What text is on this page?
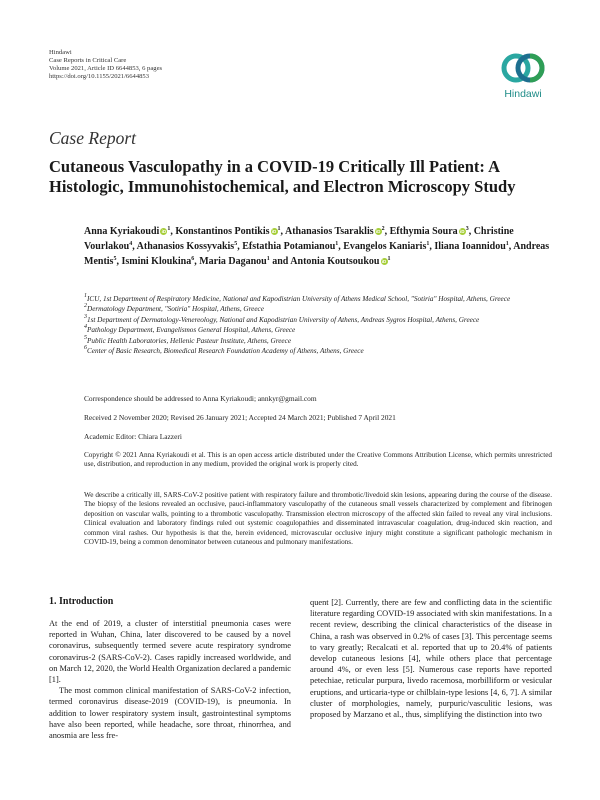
Hindawi
Case Reports in Critical Care
Volume 2021, Article ID 6644853, 6 pages
https://doi.org/10.1155/2021/6644853
Hindawi
Case Report
Cutaneous Vasculopathy in a COVID-19 Critically Ill Patient: A Histologic, Immunohistochemical, and Electron Microscopy Study
Anna Kyriakoudi $iD^1$, Konstantinos Pontikis $iD^1$, Athanasios Tsaraklis $iD^2$, Efthymia Soura $iD^3$, Christine Vourlakou$^4$, Athanasios Kossyvakis$^5$, Efstathia Potamianou$^1$, Evangelos Kaniaris$^1$, Iliana Ioannidou$^1$, Andreas Mentis$^5$, Ismini Kloukina$^6$, Maria Daganou$^1$ and Antonia Koutsoukou $iD^1$
$^1$ICU, 1st Department of Respiratory Medicine, National and Kapodistrian University of Athens Medical School, "Sotiria" Hospital, Athens, Greece
$^2$Dermatology Department, "Sotiria" Hospital, Athens, Greece
$^3$1st Department of Dermatology-Venereology, National and Kapodistrian University of Athens, Andreas Sygros Hospital, Athens, Greece
$^4$Pathology Department, Evangelismos General Hospital, Athens, Greece
$^5$Public Health Laboratories, Hellenic Pasteur Institute, Athens, Greece
$^6$Center of Basic Research, Biomedical Research Foundation Academy of Athens, Athens, Greece
Correspondence should be addressed to Anna Kyriakoudi; annkyr@gmail.com
Received 2 November 2020; Revised 26 January 2021; Accepted 24 March 2021; Published 7 April 2021
Academic Editor: Chiara Lazzeri
Copyright © 2021 Anna Kyriakoudi et al. This is an open access article distributed under the Creative Commons Attribution License, which permits unrestricted use, distribution, and reproduction in any medium, provided the original work is properly cited.
We describe a critically ill, SARS-CoV-2 positive patient with respiratory failure and thrombotic/livedoid skin lesions, appearing during the course of the disease. The biopsy of the lesions revealed an occlusive, pauci-inflammatory vasculopathy of the cutaneous small vessels characterized by complement and fibrinogen deposition on vascular walls, pointing to a thrombotic vasculopathy. Transmission electron microscopy of the affected skin failed to reveal any viral inclusions. Clinical evaluation and laboratory findings ruled out systemic coagulopathies and disseminated intravascular coagulation, drug-induced skin reaction, and common viral rashes. Our hypothesis is that the, herein evidenced, microvascular occlusive injury might constitute a significant pathologic mechanism in COVID-19, being a common denominator between cutaneous and pulmonary manifestations.
1. Introduction

At the end of 2019, a cluster of interstitial pneumonia cases were reported in Wuhan, China, later discovered to be caused by a novel coronavirus, subsequently termed severe acute respiratory syndrome coronavirus-2 (SARS-CoV-2). Cases rapidly increased worldwide, and on March 12, 2020, the World Health Organization declared a pandemic [1].

The most common clinical manifestation of SARS-CoV-2 infection, termed coronavirus disease-2019 (COVID-19), is pneumonia. In addition to lower respiratory system insult, gastrointestinal symptoms have also been reported, while headache, sore throat, rhinorrhea, and anosmia are less fre-

quent [2]. Currently, there are few and conflicting data in the scientific literature regarding COVID-19 associated with skin manifestations. In a recent review, describing the clinical characteristics of the disease in China, a rash was observed in 0.2% of cases [3]. This percentage seems to vary greatly; Recalcati et al. reported that up to 20.4% of patients develop cutaneous lesions [4], while others place that percentage around 4%, or even less [5]. Numerous case reports have reported petechiae, reticular purpura, livedo racemosa, morbilliform or vesicular eruptions, and urticaria-type or chilblain-type lesions [4, 6, 7]. A similar cluster of morphologies, namely, purpuric/vasculitic lesions, was proposed by Marzano et al., thus, simplifying the distinction into two
